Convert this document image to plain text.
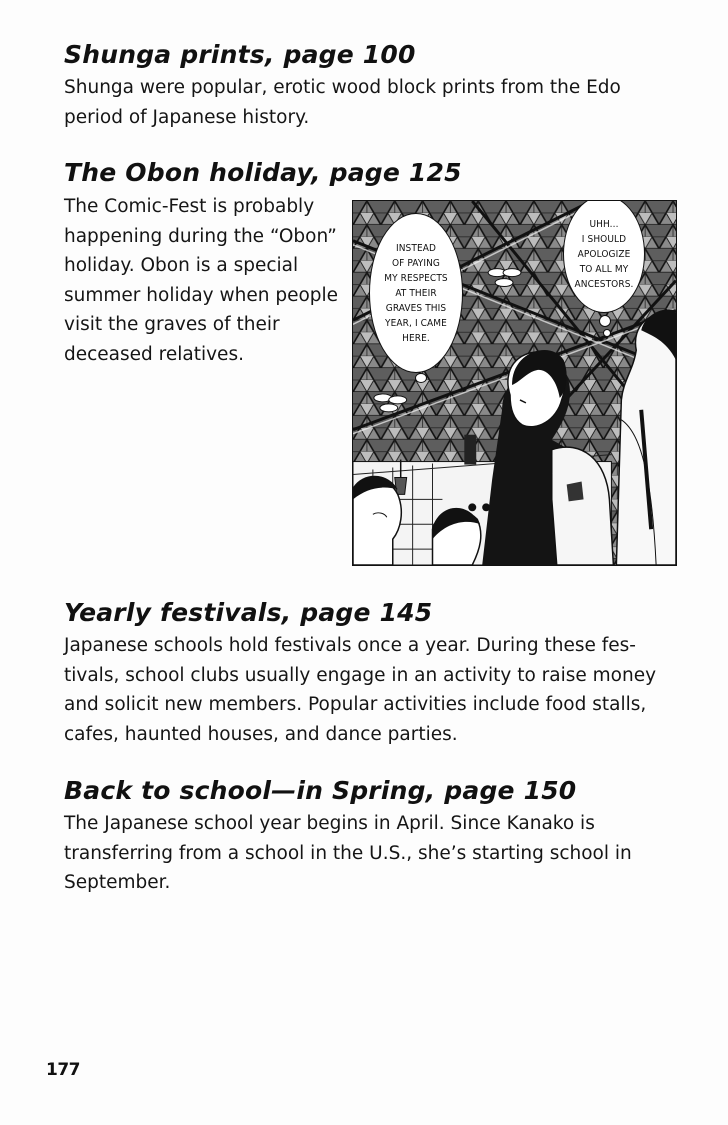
Shunga prints, page 100

Shunga were popular, erotic wood block prints from the Edo
period of Japanese history.

The Obon holiday, page 125

The Comic-Fest is probably
happening during the “Obon”
holiday. Obon is a special
summer holiday when people
visit the graves of their
deceased relatives.

INSTEAD
OF PAYING
MY RESPECTS
AT THEIR
GRAVES THIS
YEAR, I CAME
HERE.
UHH...
I SHOULD
APOLOGIZE
TO ALL MY
ANCESTORS.
Yearly festivals, page 145

Japanese schools hold festivals once a year. During these fes-
tivals, school clubs usually engage in an activity to raise money
and solicit new members. Popular activities include food stalls,
cafes, haunted houses, and dance parties.

Back to school—in Spring, page 150

The Japanese school year begins in April. Since Kanako is
transferring from a school in the U.S., she’s starting school in
September.

177
